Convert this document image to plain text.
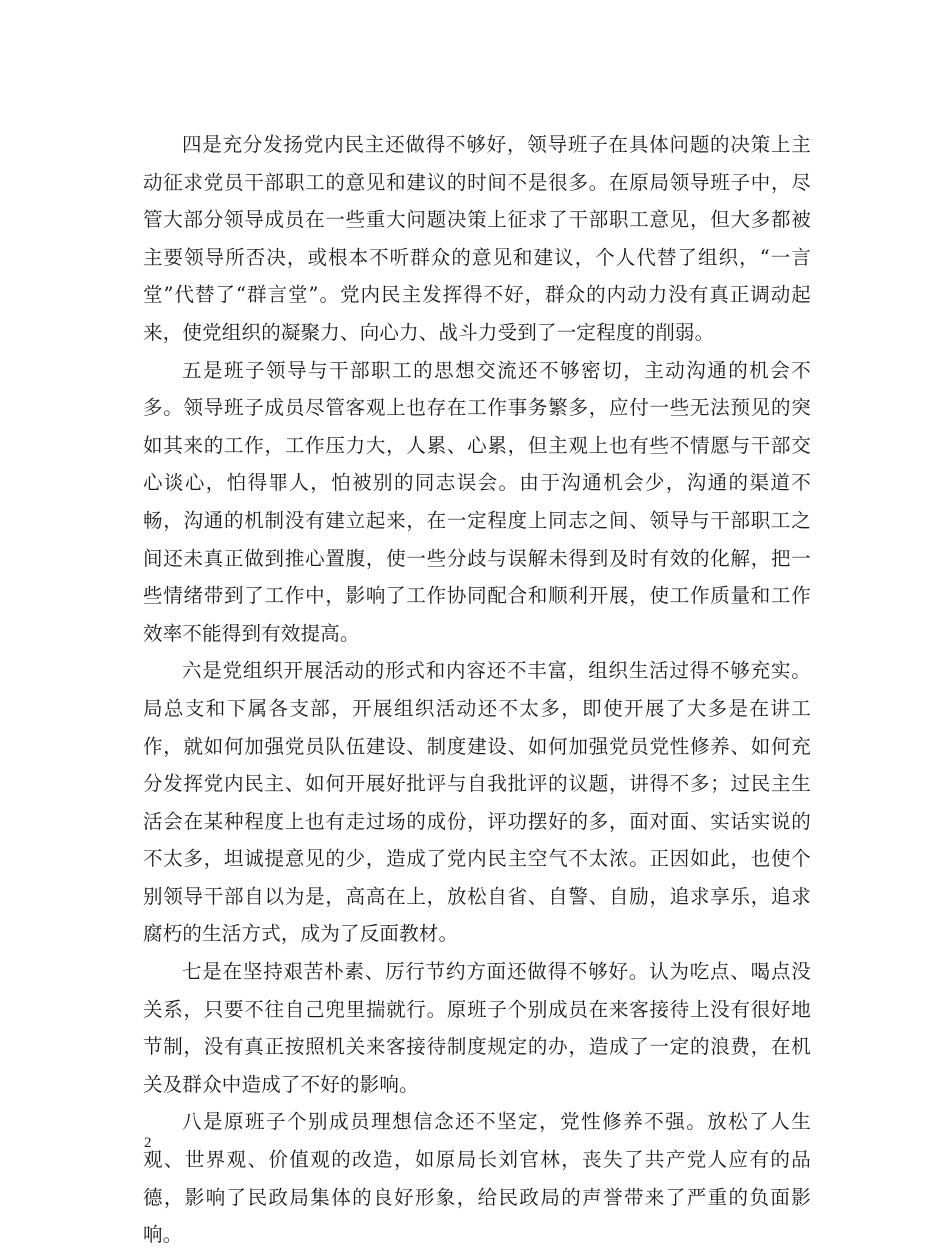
四是充分发扬党内民主还做得不够好，领导班子在具体问题的决策上主动征求党员干部职工的意见和建议的时间不是很多。在原局领导班子中，尽管大部分领导成员在一些重大问题决策上征求了干部职工意见，但大多都被主要领导所否决，或根本不听群众的意见和建议，个人代替了组织，“一言堂”代替了“群言堂”。党内民主发挥得不好，群众的内动力没有真正调动起来，使党组织的凝聚力、向心力、战斗力受到了一定程度的削弱。

五是班子领导与干部职工的思想交流还不够密切，主动沟通的机会不多。领导班子成员尽管客观上也存在工作事务繁多，应付一些无法预见的突如其来的工作，工作压力大，人累、心累，但主观上也有些不情愿与干部交心谈心，怕得罪人，怕被别的同志误会。由于沟通机会少，沟通的渠道不畅，沟通的机制没有建立起来，在一定程度上同志之间、领导与干部职工之间还未真正做到推心置腹，使一些分歧与误解未得到及时有效的化解，把一些情绪带到了工作中，影响了工作协同配合和顺利开展，使工作质量和工作效率不能得到有效提高。

六是党组织开展活动的形式和内容还不丰富，组织生活过得不够充实。局总支和下属各支部，开展组织活动还不太多，即使开展了大多是在讲工作，就如何加强党员队伍建设、制度建设、如何加强党员党性修养、如何充分发挥党内民主、如何开展好批评与自我批评的议题，讲得不多；过民主生活会在某种程度上也有走过场的成份，评功摆好的多，面对面、实话实说的不太多，坦诚提意见的少，造成了党内民主空气不太浓。正因如此，也使个别领导干部自以为是，高高在上，放松自省、自警、自励，追求享乐，追求腐朽的生活方式，成为了反面教材。

七是在坚持艰苦朴素、厉行节约方面还做得不够好。认为吃点、喝点没关系，只要不往自己兜里揣就行。原班子个别成员在来客接待上没有很好地节制，没有真正按照机关来客接待制度规定的办，造成了一定的浪费，在机关及群众中造成了不好的影响。

八是原班子个别成员理想信念还不坚定，党性修养不强。放松了人生观、世界观、价值观的改造，如原局长刘官林，丧失了共产党人应有的品德，影响了民政局集体的良好形象，给民政局的声誉带来了严重的负面影响。

2
